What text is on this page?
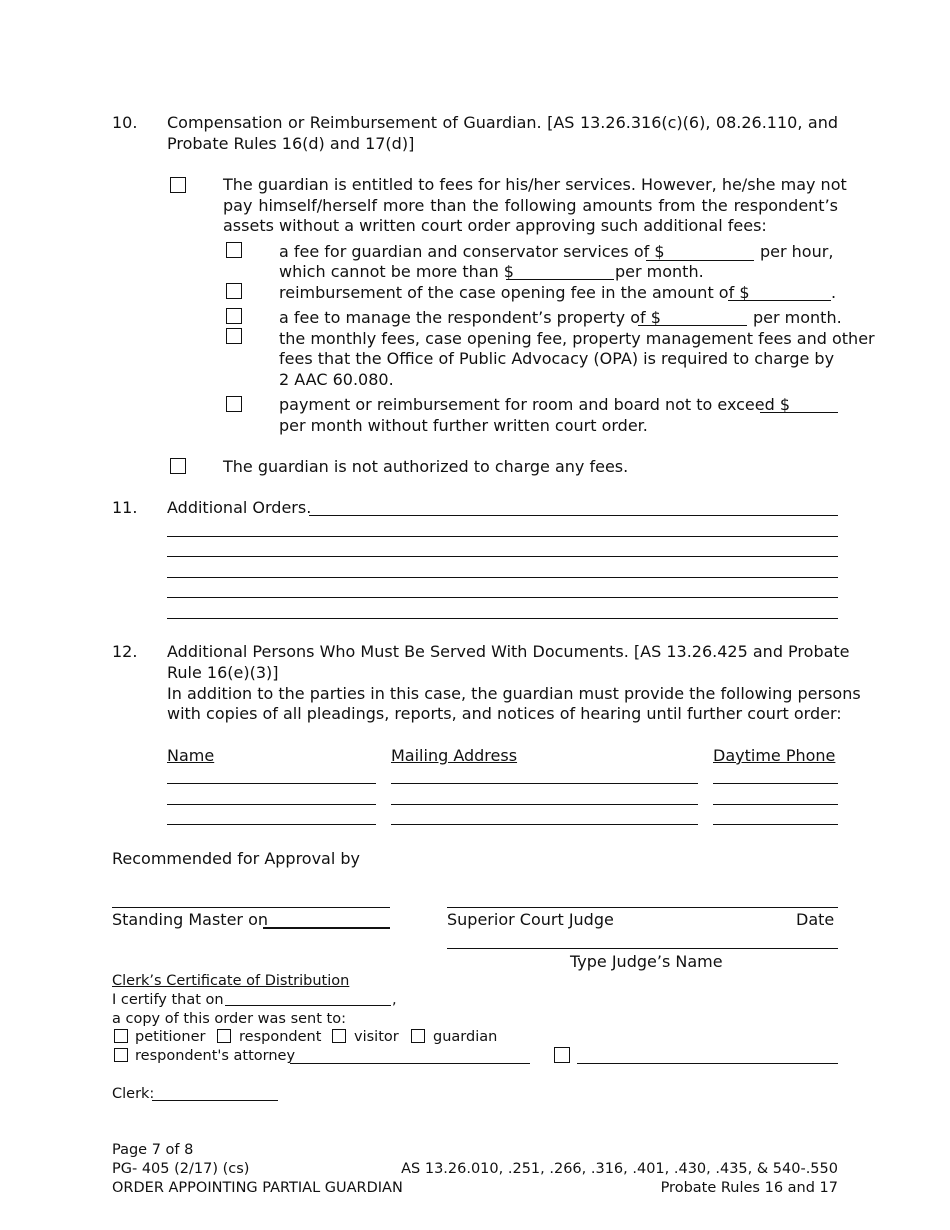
10. Compensation or Reimbursement of Guardian. [AS 13.26.316(c)(6), 08.26.110, and
Probate Rules 16(d) and 17(d)]
The guardian is entitled to fees for his/her services. However, he/she may not
pay himself/herself more than the following amounts from the respondent’s
assets without a written court order approving such additional fees:
a fee for guardian and conservator services of $	per hour,
which cannot be more than $	per month.
reimbursement of the case opening fee in the amount of $	.
a fee to manage the respondent’s property of $	per month.
the monthly fees, case opening fee, property management fees and other
fees that the Office of Public Advocacy (OPA) is required to charge by
2 AAC 60.080.
payment or reimbursement for room and board not to exceed $
per month without further written court order.
The guardian is not authorized to charge any fees.
11. Additional Orders.
12. Additional Persons Who Must Be Served With Documents. [AS 13.26.425 and Probate
Rule 16(e)(3)]
In addition to the parties in this case, the guardian must provide the following persons
with copies of all pleadings, reports, and notices of hearing until further court order:
Name	Mailing Address	Daytime Phone
Recommended for Approval by
Standing Master on	Superior Court Judge	Date
Type Judge’s Name
Clerk’s Certificate of Distribution
I certify that on	,
a copy of this order was sent to:
petitioner respondent visitor guardian
respondent's attorney
Clerk:
Page 7 of 8
PG- 405 (2/17) (cs)
ORDER APPOINTING PARTIAL GUARDIAN
AS 13.26.010, .251, .266, .316, .401, .430, .435, & 540-.550
Probate Rules 16 and 17
